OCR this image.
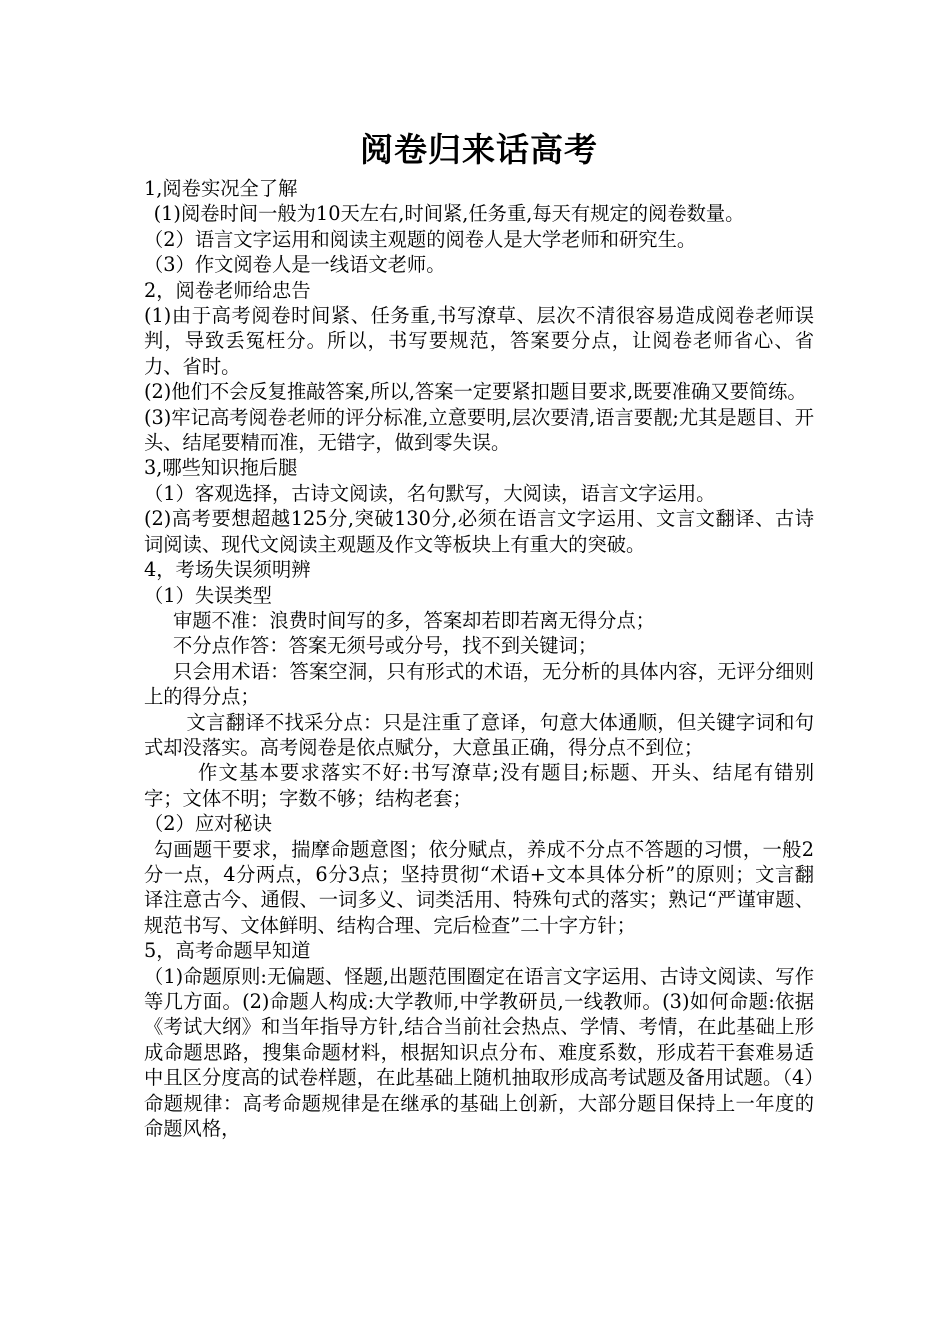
阅卷归来话高考

1,阅卷实况全了解

(1)阅卷时间一般为10天左右,时间紧,任务重,每天有规定的阅卷数量。

（2）语言文字运用和阅读主观题的阅卷人是大学老师和研究生。

（3）作文阅卷人是一线语文老师。

2，阅卷老师给忠告

(1)由于高考阅卷时间紧、任务重,书写潦草、层次不清很容易造成阅卷老师误判，导致丢冤枉分。所以，书写要规范，答案要分点，让阅卷老师省心、省力、省时。

(2)他们不会反复推敲答案,所以,答案一定要紧扣题目要求,既要准确又要简练。

(3)牢记高考阅卷老师的评分标准,立意要明,层次要清,语言要靓;尤其是题目、开头、结尾要精而准，无错字，做到零失误。

3,哪些知识拖后腿

（1）客观选择，古诗文阅读，名句默写，大阅读，语言文字运用。

(2)高考要想超越125分,突破130分,必须在语言文字运用、文言文翻译、古诗词阅读、现代文阅读主观题及作文等板块上有重大的突破。

4，考场失误须明辨

（1）失误类型

审题不准：浪费时间写的多，答案却若即若离无得分点；

不分点作答：答案无须号或分号，找不到关键词；

只会用术语：答案空洞，只有形式的术语，无分析的具体内容，无评分细则上的得分点；

文言翻译不找采分点：只是注重了意译，句意大体通顺，但关键字词和句式却没落实。高考阅卷是依点赋分，大意虽正确，得分点不到位；

作文基本要求落实不好:书写潦草;没有题目;标题、开头、结尾有错别字；文体不明；字数不够；结构老套；

（2）应对秘诀

勾画题干要求，揣摩命题意图；依分赋点，养成不分点不答题的习惯，一般2分一点，4分两点，6分3点；坚持贯彻“术语+文本具体分析”的原则；文言翻译注意古今、通假、一词多义、词类活用、特殊句式的落实；熟记“严谨审题、规范书写、文体鲜明、结构合理、完后检查”二十字方针；

5，高考命题早知道

（1)命题原则:无偏题、怪题,出题范围圈定在语言文字运用、古诗文阅读、写作等几方面。(2)命题人构成:大学教师,中学教研员,一线教师。(3)如何命题:依据《考试大纲》和当年指导方针,结合当前社会热点、学情、考情，在此基础上形成命题思路，搜集命题材料，根据知识点分布、难度系数，形成若干套难易适中且区分度高的试卷样题，在此基础上随机抽取形成高考试题及备用试题。（4）命题规律：高考命题规律是在继承的基础上创新，大部分题目保持上一年度的命题风格，
